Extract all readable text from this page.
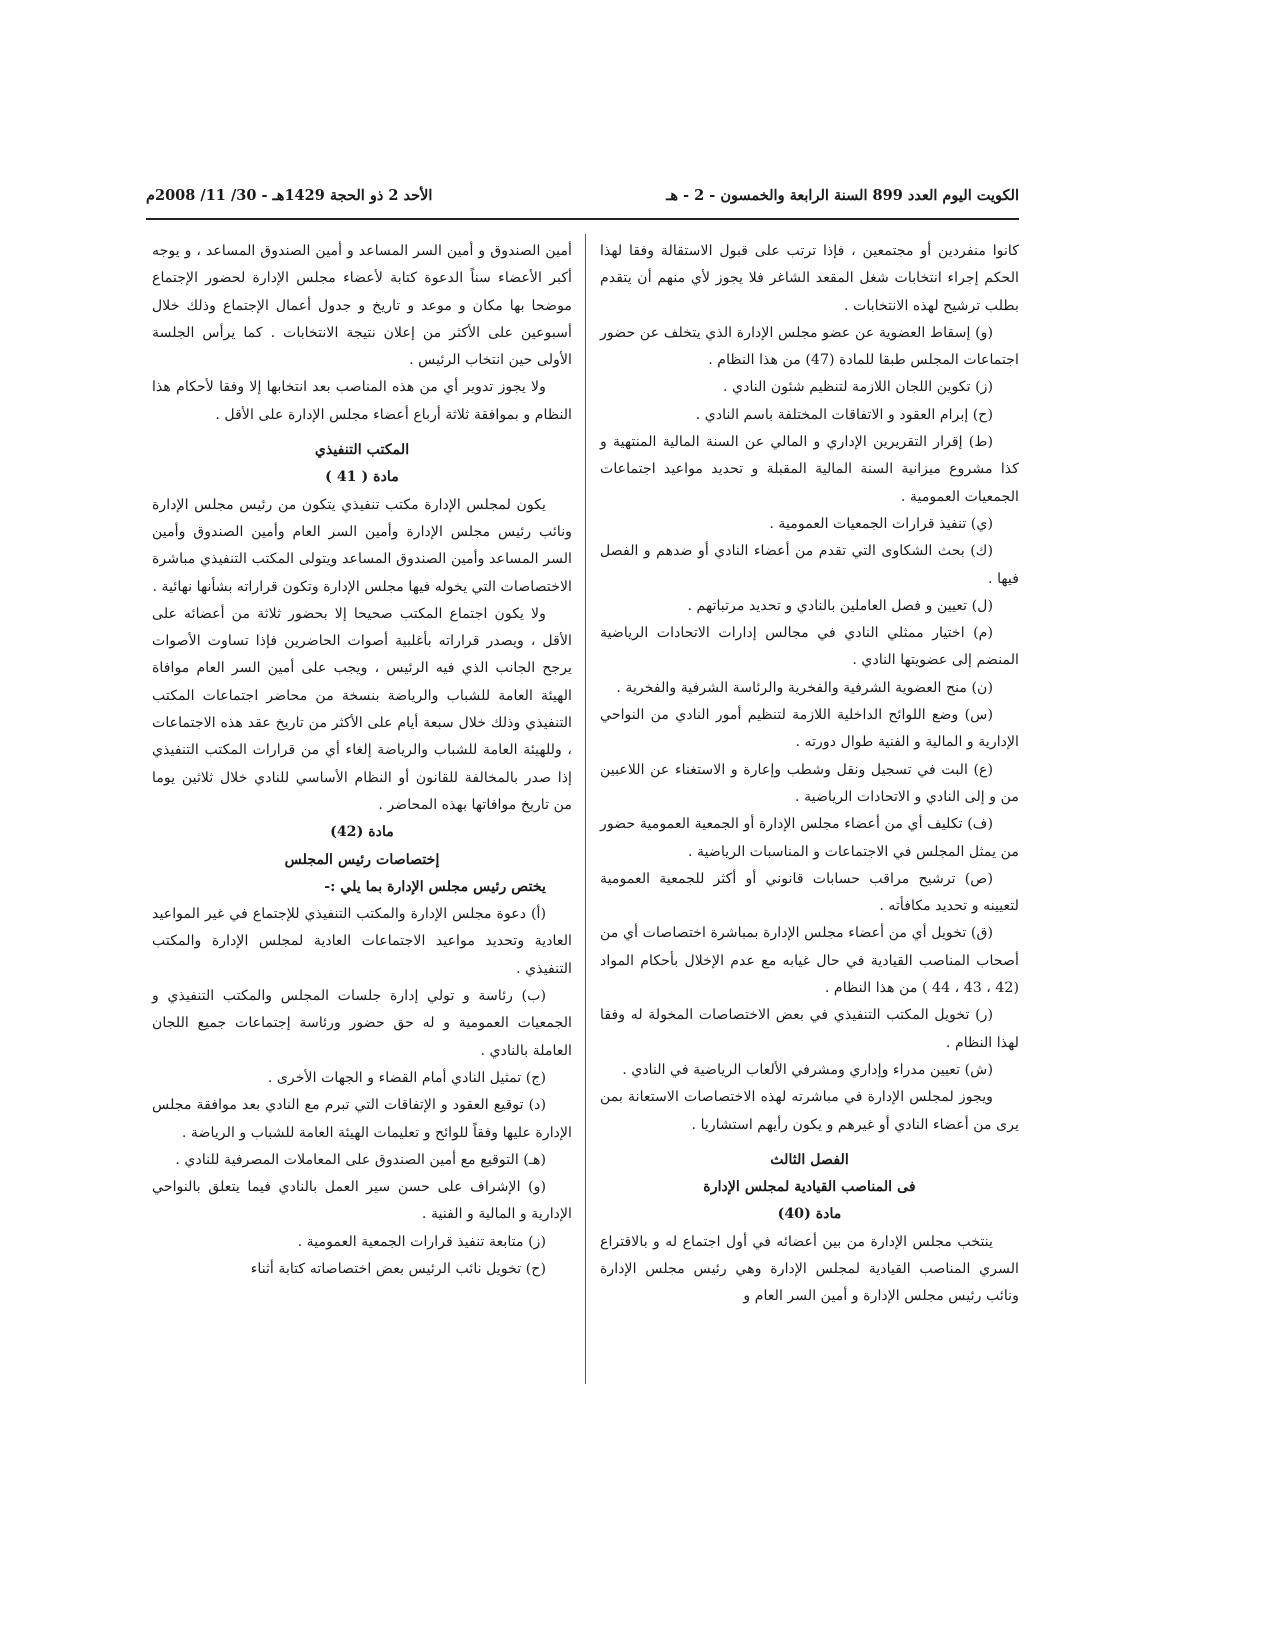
الكويت اليوم العدد 899 السنة الرابعة والخمسون - 2 - هـ
الأحد 2 ذو الحجة 1429هـ - 30/ 11/ 2008م

كانوا منفردين أو مجتمعين ، فإذا ترتب على قبول الاستقالة وفقا لهذا الحكم إجراء انتخابات شغل المقعد الشاغر فلا يجوز لأي منهم أن يتقدم بطلب ترشيح لهذه الانتخابات .

(و) إسقاط العضوية عن عضو مجلس الإدارة الذي يتخلف عن حضور اجتماعات المجلس طبقا للمادة (47) من هذا النظام .

(ز) تكوين اللجان اللازمة لتنظيم شئون النادي .

(ح) إبرام العقود و الاتفاقات المختلفة باسم النادي .

(ط) إقرار التقريرين الإداري و المالي عن السنة المالية المنتهية و كذا مشروع ميزانية السنة المالية المقبلة و تحديد مواعيد اجتماعات الجمعيات العمومية .

(ي) تنفيذ قرارات الجمعيات العمومية .

(ك) بحث الشكاوى التي تقدم من أعضاء النادي أو ضدهم و الفصل فيها .

(ل) تعيين و فصل العاملين بالنادي و تحديد مرتباتهم .

(م) اختيار ممثلي النادي في مجالس إدارات الاتحادات الرياضية المنضم إلى عضويتها النادي .

(ن) منح العضوية الشرفية والفخرية والرئاسة الشرفية والفخرية .

(س) وضع اللوائح الداخلية اللازمة لتنظيم أمور النادي من النواحي الإدارية و المالية و الفنية طوال دورته .

(ع) البت في تسجيل ونقل وشطب وإعارة و الاستغناء عن اللاعبين من و إلى النادي و الاتحادات الرياضية .

(ف) تكليف أي من أعضاء مجلس الإدارة أو الجمعية العمومية حضور من يمثل المجلس في الاجتماعات و المناسبات الرياضية .

(ص) ترشيح مراقب حسابات قانوني أو أكثر للجمعية العمومية لتعيينه و تحديد مكافأته .

(ق) تخويل أي من أعضاء مجلس الإدارة بمباشرة اختصاصات أي من أصحاب المناصب القيادية في حال غيابه مع عدم الإخلال بأحكام المواد (42 ، 43 ، 44 ) من هذا النظام .

(ر) تخويل المكتب التنفيذي في بعض الاختصاصات المخولة له وفقا لهذا النظام .

(ش) تعيين مدراء وإداري ومشرفي الألعاب الرياضية في النادي .

ويجوز لمجلس الإدارة في مباشرته لهذه الاختصاصات الاستعانة بمن يرى من أعضاء النادي أو غيرهم و يكون رأيهم استشاريا .

الفصل الثالث

فى المناصب القيادية لمجلس الإدارة

مادة (40)

ينتخب مجلس الإدارة من بين أعضائه في أول اجتماع له و بالاقتراع السري المناصب القيادية لمجلس الإدارة وهي رئيس مجلس الإدارة ونائب رئيس مجلس الإدارة و أمين السر العام و

أمين الصندوق و أمين السر المساعد و أمين الصندوق المساعد ، و يوجه أكبر الأعضاء سناً الدعوة كتابة لأعضاء مجلس الإدارة لحضور الإجتماع موضحا بها مكان و موعد و تاريخ و جدول أعمال الإجتماع وذلك خلال أسبوعين على الأكثر من إعلان نتيجة الانتخابات . كما يرأس الجلسة الأولى حين انتخاب الرئيس .

ولا يجوز تدوير أي من هذه المناصب بعد انتخابها إلا وفقا لأحكام هذا النظام و بموافقة ثلاثة أرباع أعضاء مجلس الإدارة على الأقل .

المكتب التنفيذي

مادة ( 41 )

يكون لمجلس الإدارة مكتب تنفيذي يتكون من رئيس مجلس الإدارة ونائب رئيس مجلس الإدارة وأمين السر العام وأمين الصندوق وأمين السر المساعد وأمين الصندوق المساعد ويتولى المكتب التنفيذي مباشرة الاختصاصات التي يخوله فيها مجلس الإدارة وتكون قراراته بشأنها نهائية .

ولا يكون اجتماع المكتب صحيحا إلا بحضور ثلاثة من أعضائه على الأقل ، ويصدر قراراته بأغلبية أصوات الحاضرين فإذا تساوت الأصوات يرجح الجانب الذي فيه الرئيس ، ويجب على أمين السر العام موافاة الهيئة العامة للشباب والرياضة بنسخة من محاضر اجتماعات المكتب التنفيذي وذلك خلال سبعة أيام على الأكثر من تاريخ عقد هذه الاجتماعات ، وللهيئة العامة للشباب والرياضة إلغاء أي من قرارات المكتب التنفيذي إذا صدر بالمخالفة للقانون أو النظام الأساسي للنادي خلال ثلاثين يوما من تاريخ موافاتها بهذه المحاضر .

مادة (42)

إختصاصات رئيس المجلس

يختص رئيس مجلس الإدارة بما يلي :-

(أ) دعوة مجلس الإدارة والمكتب التنفيذي للإجتماع في غير المواعيد العادية وتحديد مواعيد الاجتماعات العادية لمجلس الإدارة والمكتب التنفيذي .

(ب) رئاسة و تولي إدارة جلسات المجلس والمكتب التنفيذي و الجمعيات العمومية و له حق حضور ورئاسة إجتماعات جميع اللجان العاملة بالنادي .

(ج) تمثيل النادي أمام القضاء و الجهات الأخرى .

(د) توقيع العقود و الإتفاقات التي تبرم مع النادي بعد موافقة مجلس الإدارة عليها وفقاً للوائح و تعليمات الهيئة العامة للشباب و الرياضة .

(هـ) التوقيع مع أمين الصندوق على المعاملات المصرفية للنادي .

(و) الإشراف على حسن سير العمل بالنادي فيما يتعلق بالنواحي الإدارية و المالية و الفنية .

(ز) متابعة تنفيذ قرارات الجمعية العمومية .

(ح) تخويل نائب الرئيس بعض اختصاصاته كتابة أثناء
